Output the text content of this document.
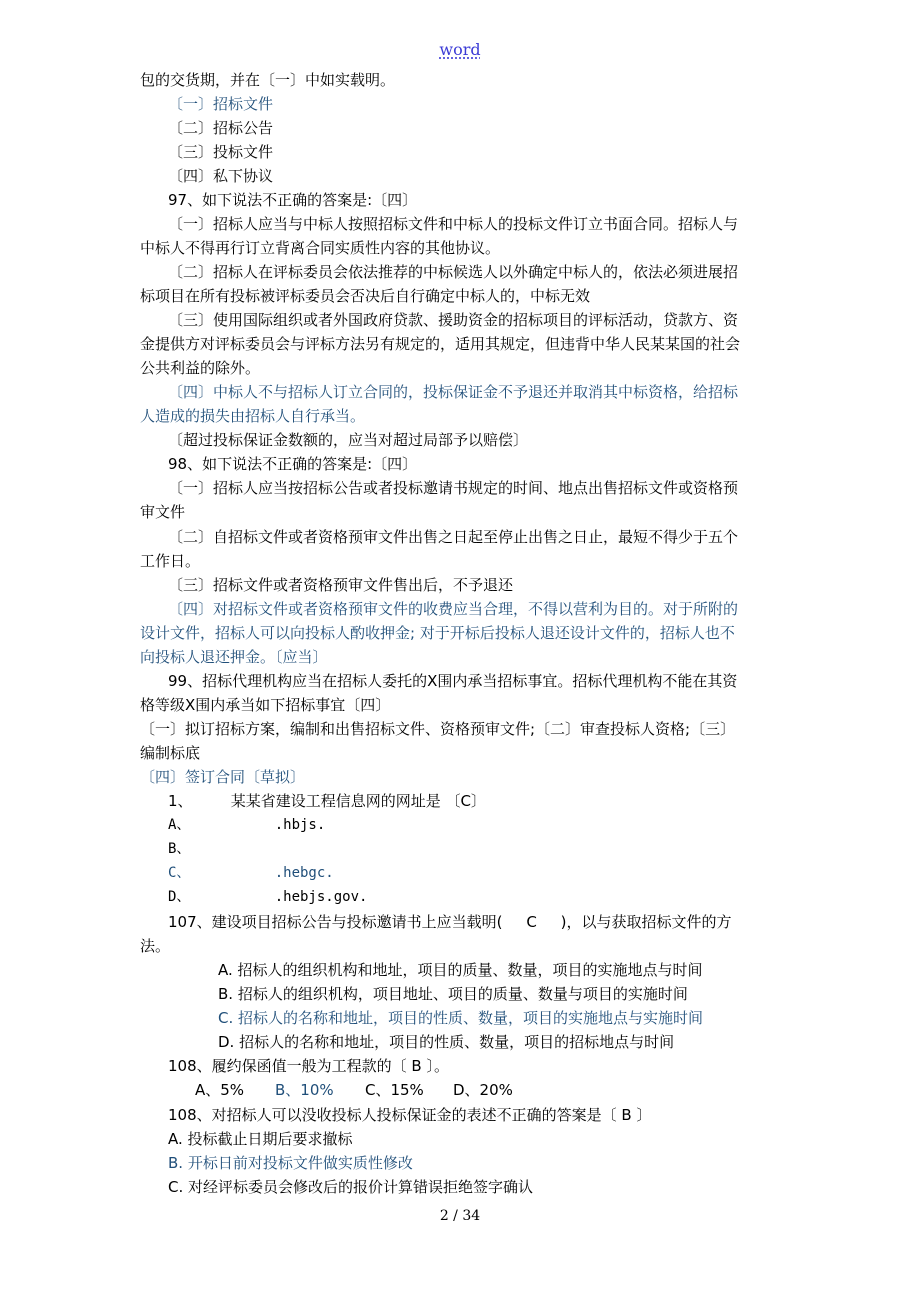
word
包的交货期，并在〔一〕中如实载明。
〔一〕招标文件
〔二〕招标公告
〔三〕投标文件
〔四〕私下协议
97、如下说法不正确的答案是:〔四〕
〔一〕招标人应当与中标人按照招标文件和中标人的投标文件订立书面合同。招标人与
中标人不得再行订立背离合同实质性内容的其他协议。
〔二〕招标人在评标委员会依法推荐的中标候选人以外确定中标人的，依法必须进展招
标项目在所有投标被评标委员会否决后自行确定中标人的，中标无效
〔三〕使用国际组织或者外国政府贷款、援助资金的招标项目的评标活动，贷款方、资
金提供方对评标委员会与评标方法另有规定的，适用其规定，但违背中华人民某某国的社会
公共利益的除外。
〔四〕中标人不与招标人订立合同的，投标保证金不予退还并取消其中标资格，给招标
人造成的损失由招标人自行承当。
〔超过投标保证金数额的，应当对超过局部予以赔偿〕
98、如下说法不正确的答案是:〔四〕
〔一〕招标人应当按招标公告或者投标邀请书规定的时间、地点出售招标文件或资格预
审文件
〔二〕自招标文件或者资格预审文件出售之日起至停止出售之日止，最短不得少于五个
工作日。
〔三〕招标文件或者资格预审文件售出后，不予退还
〔四〕对招标文件或者资格预审文件的收费应当合理，不得以营利为目的。对于所附的
设计文件，招标人可以向投标人酌收押金; 对于开标后投标人退还设计文件的，招标人也不
向投标人退还押金。〔应当〕
99、招标代理机构应当在招标人委托的X围内承当招标事宜。招标代理机构不能在其资
格等级X围内承当如下招标事宜〔四〕
〔一〕拟订招标方案，编制和出售招标文件、资格预审文件;〔二〕审查投标人资格;〔三〕
编制标底
〔四〕签订合同〔草拟〕
1、        某某省建设工程信息网的网址是 〔C〕
A、          .hbjs.
B、
C、          .hebgc.
D、          .hebjs.gov.
107、建设项目招标公告与投标邀请书上应当载明(     C     )，以与获取招标文件的方
法。
A. 招标人的组织机构和地址，项目的质量、数量，项目的实施地点与时间
B. 招标人的组织机构，项目地址、项目的质量、数量与项目的实施时间
C. 招标人的名称和地址，项目的性质、数量，项目的实施地点与实施时间
D. 招标人的名称和地址，项目的性质、数量，项目的招标地点与时间
108、履约保函值一般为工程款的〔 B 〕。
A、5% B、10% C、15% D、20%
108、对招标人可以没收投标人投标保证金的表述不正确的答案是〔 B 〕
A. 投标截止日期后要求撤标
B. 开标日前对投标文件做实质性修改
C. 对经评标委员会修改后的报价计算错误拒绝签字确认
2 / 34
